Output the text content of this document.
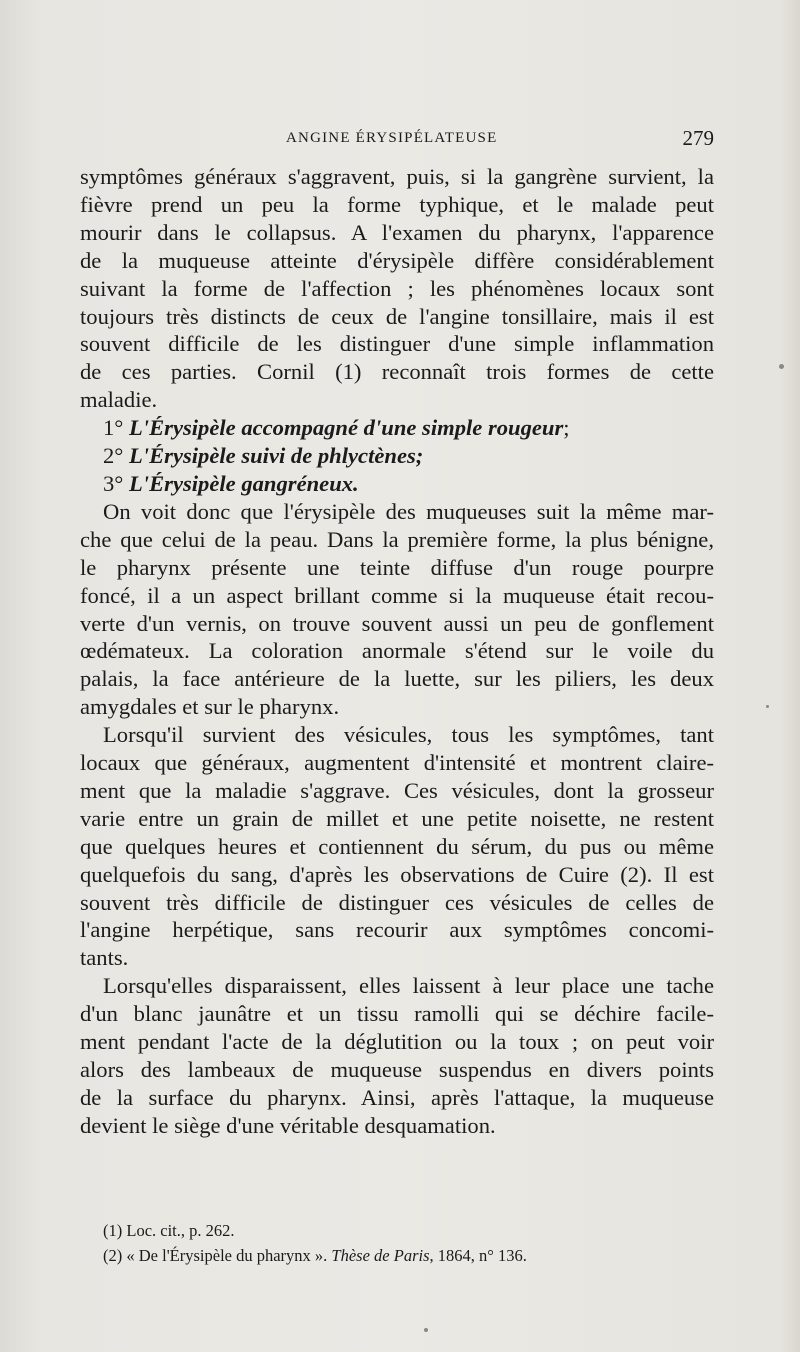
ANGINE ÉRYSIPÉLATEUSE	279
symptômes généraux s'aggravent, puis, si la gangrène survient, la
fièvre prend un peu la forme typhique, et le malade peut
mourir dans le collapsus. A l'examen du pharynx, l'apparence
de la muqueuse atteinte d'érysipèle diffère considérablement
suivant la forme de l'affection ; les phénomènes locaux sont
toujours très distincts de ceux de l'angine tonsillaire, mais il est
souvent difficile de les distinguer d'une simple inflammation
de ces parties. Cornil (1) reconnaît trois formes de cette
maladie.
1° L'Érysipèle accompagné d'une simple rougeur;
2° L'Érysipèle suivi de phlyctènes;
3° L'Érysipèle gangréneux.
On voit donc que l'érysipèle des muqueuses suit la même mar-
che que celui de la peau. Dans la première forme, la plus bénigne,
le pharynx présente une teinte diffuse d'un rouge pourpre
foncé, il a un aspect brillant comme si la muqueuse était recou-
verte d'un vernis, on trouve souvent aussi un peu de gonflement
œdémateux. La coloration anormale s'étend sur le voile du
palais, la face antérieure de la luette, sur les piliers, les deux
amygdales et sur le pharynx.
Lorsqu'il survient des vésicules, tous les symptômes, tant
locaux que généraux, augmentent d'intensité et montrent claire-
ment que la maladie s'aggrave. Ces vésicules, dont la grosseur
varie entre un grain de millet et une petite noisette, ne restent
que quelques heures et contiennent du sérum, du pus ou même
quelquefois du sang, d'après les observations de Cuire (2). Il est
souvent très difficile de distinguer ces vésicules de celles de
l'angine herpétique, sans recourir aux symptômes concomi-
tants.
Lorsqu'elles disparaissent, elles laissent à leur place une tache
d'un blanc jaunâtre et un tissu ramolli qui se déchire facile-
ment pendant l'acte de la déglutition ou la toux ; on peut voir
alors des lambeaux de muqueuse suspendus en divers points
de la surface du pharynx. Ainsi, après l'attaque, la muqueuse
devient le siège d'une véritable desquamation.
(1) Loc. cit., p. 262.
(2) « De l'Érysipèle du pharynx ». Thèse de Paris, 1864, n° 136.
